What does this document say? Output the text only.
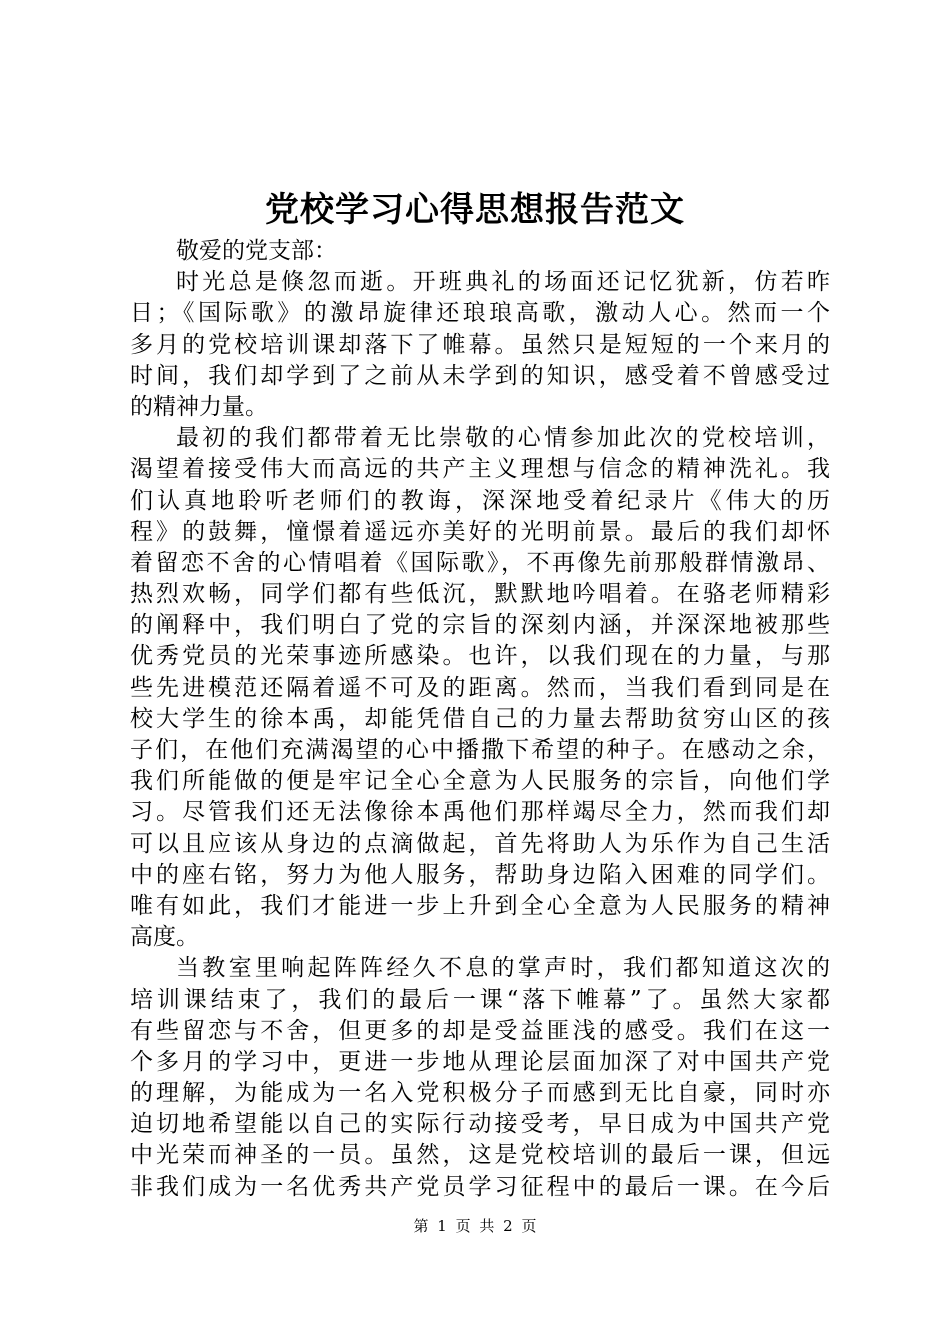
党校学习心得思想报告范文
敬爱的党支部：
时光总是倏忽而逝。开班典礼的场面还记忆犹新，仿若昨
日；《国际歌》的激昂旋律还琅琅高歌，激动人心。然而一个
多月的党校培训课却落下了帷幕。虽然只是短短的一个来月的
时间，我们却学到了之前从未学到的知识，感受着不曾感受过
的精神力量。
最初的我们都带着无比崇敬的心情参加此次的党校培训，
渴望着接受伟大而高远的共产主义理想与信念的精神洗礼。我
们认真地聆听老师们的教诲，深深地受着纪录片《伟大的历
程》的鼓舞，憧憬着遥远亦美好的光明前景。最后的我们却怀
着留恋不舍的心情唱着《国际歌》，不再像先前那般群情激昂、
热烈欢畅，同学们都有些低沉，默默地吟唱着。在骆老师精彩
的阐释中，我们明白了党的宗旨的深刻内涵，并深深地被那些
优秀党员的光荣事迹所感染。也许，以我们现在的力量，与那
些先进模范还隔着遥不可及的距离。然而，当我们看到同是在
校大学生的徐本禹，却能凭借自己的力量去帮助贫穷山区的孩
子们，在他们充满渴望的心中播撒下希望的种子。在感动之余，
我们所能做的便是牢记全心全意为人民服务的宗旨，向他们学
习。尽管我们还无法像徐本禹他们那样竭尽全力，然而我们却
可以且应该从身边的点滴做起，首先将助人为乐作为自己生活
中的座右铭，努力为他人服务，帮助身边陷入困难的同学们。
唯有如此，我们才能进一步上升到全心全意为人民服务的精神
高度。
当教室里响起阵阵经久不息的掌声时，我们都知道这次的
培训课结束了，我们的最后一课“落下帷幕”了。虽然大家都
有些留恋与不舍，但更多的却是受益匪浅的感受。我们在这一
个多月的学习中，更进一步地从理论层面加深了对中国共产党
的理解，为能成为一名入党积极分子而感到无比自豪，同时亦
迫切地希望能以自己的实际行动接受考，早日成为中国共产党
中光荣而神圣的一员。虽然，这是党校培训的最后一课，但远
非我们成为一名优秀共产党员学习征程中的最后一课。在今后
第 1 页 共 2 页
